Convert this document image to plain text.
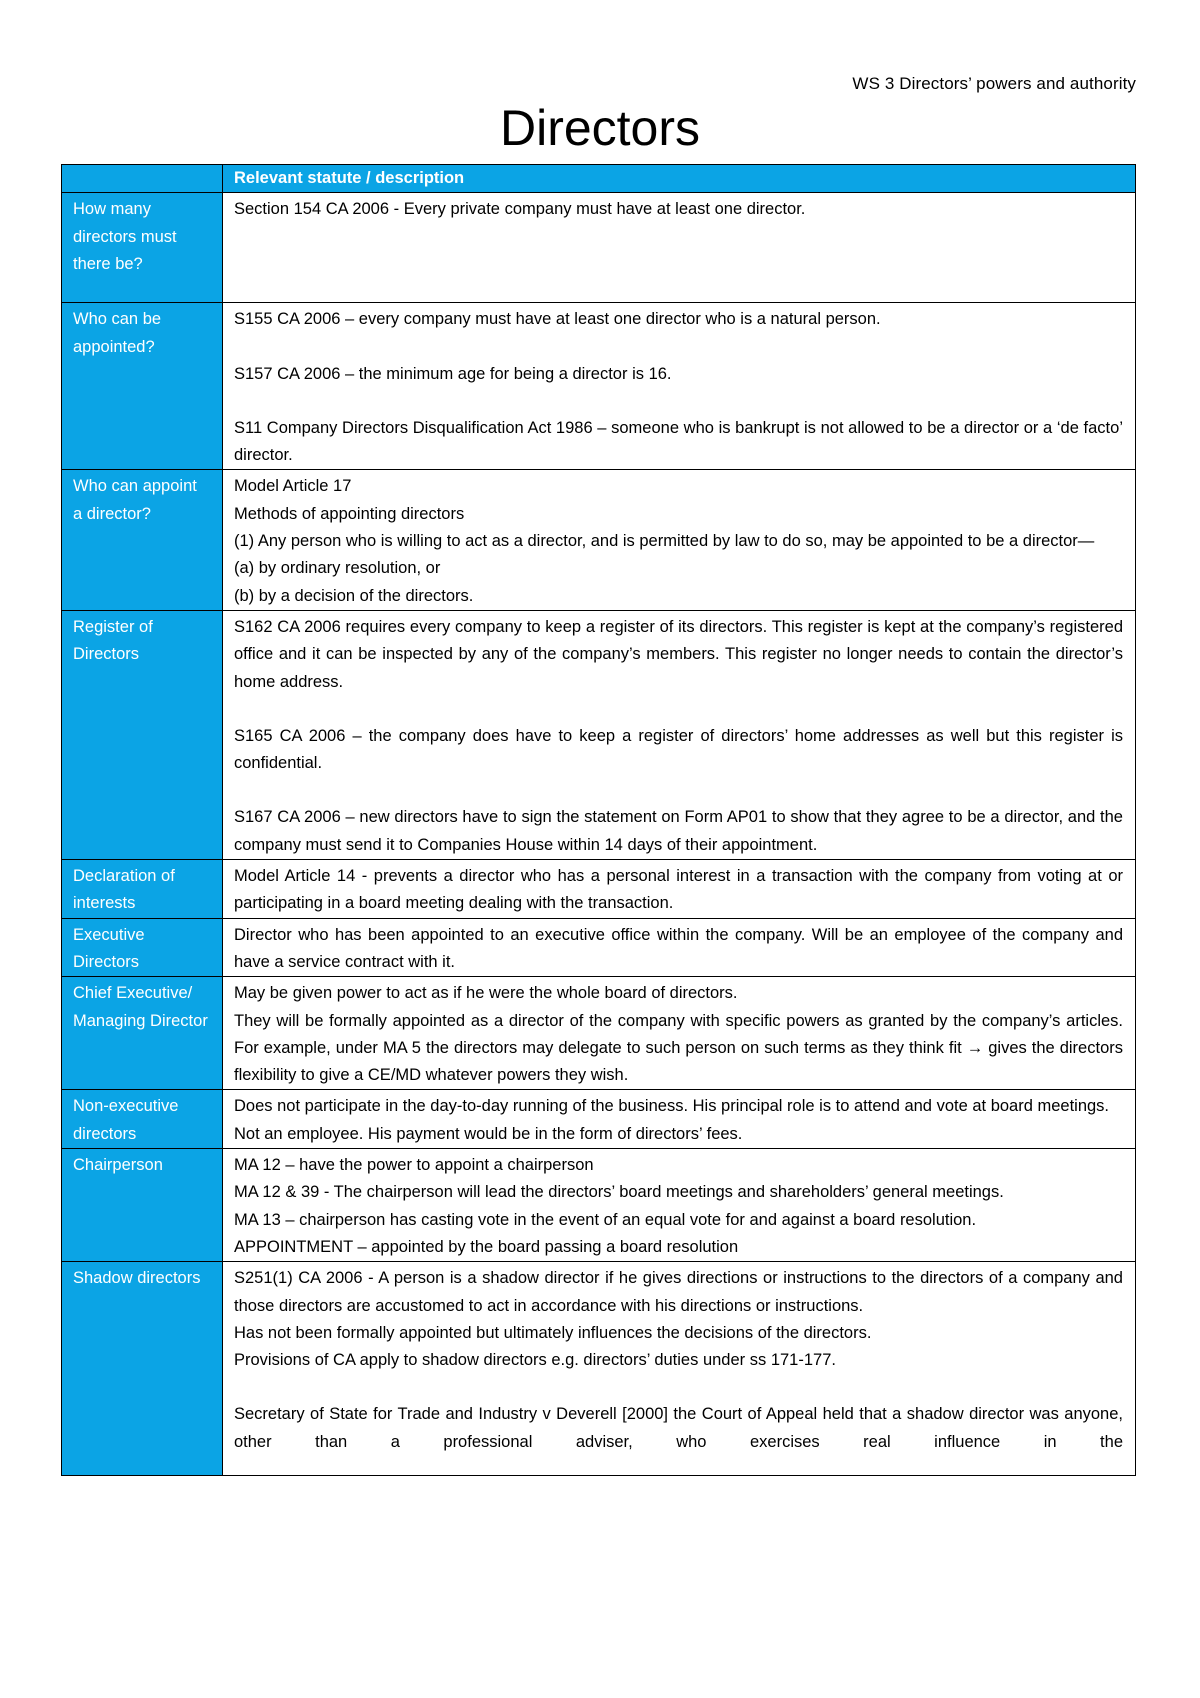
WS 3 Directors’ powers and authority
Directors
	Relevant statute / description
How many directors must there be?	Section 154 CA 2006 - Every private company must have at least one director.

Who can be appointed?	S155 CA 2006 – every company must have at least one director who is a natural person.

S157 CA 2006 – the minimum age for being a director is 16.

S11 Company Directors Disqualification Act 1986 – someone who is bankrupt is not allowed to be a director or a ‘de facto’ director.

Who can appoint a director?	Model Article 17

Methods of appointing directors

(1) Any person who is willing to act as a director, and is permitted by law to do so, may be appointed to be a director—

(a) by ordinary resolution, or

(b) by a decision of the directors.

Register of Directors	S162 CA 2006 requires every company to keep a register of its directors. This register is kept at the company’s registered office and it can be inspected by any of the company’s members. This register no longer needs to contain the director’s home address.

S165 CA 2006 – the company does have to keep a register of directors’ home addresses as well but this register is confidential.

S167 CA 2006 – new directors have to sign the statement on Form AP01 to show that they agree to be a director, and the company must send it to Companies House within 14 days of their appointment.

Declaration of interests	Model Article 14 - prevents a director who has a personal interest in a transaction with the company from voting at or participating in a board meeting dealing with the transaction.

Executive Directors	Director who has been appointed to an executive office within the company. Will be an employee of the company and have a service contract with it.

Chief Executive/ Managing Director	May be given power to act as if he were the whole board of directors.

They will be formally appointed as a director of the company with specific powers as granted by the company’s articles. For example, under MA 5 the directors may delegate to such person on such terms as they think fit → gives the directors flexibility to give a CE/MD whatever powers they wish.

Non-executive directors	Does not participate in the day-to-day running of the business. His principal role is to attend and vote at board meetings.

Not an employee. His payment would be in the form of directors’ fees.

Chairperson	MA 12 – have the power to appoint a chairperson

MA 12 & 39 - The chairperson will lead the directors’ board meetings and shareholders’ general meetings.

MA 13 – chairperson has casting vote in the event of an equal vote for and against a board resolution.

APPOINTMENT – appointed by the board passing a board resolution

Shadow directors	S251(1) CA 2006 - A person is a shadow director if he gives directions or instructions to the directors of a company and those directors are accustomed to act in accordance with his directions or instructions.

Has not been formally appointed but ultimately influences the decisions of the directors.

Provisions of CA apply to shadow directors e.g. directors’ duties under ss 171-177.

Secretary of State for Trade and Industry v Deverell [2000] the Court of Appeal held that a shadow director was anyone, other than a professional adviser, who exercises real influence in the
